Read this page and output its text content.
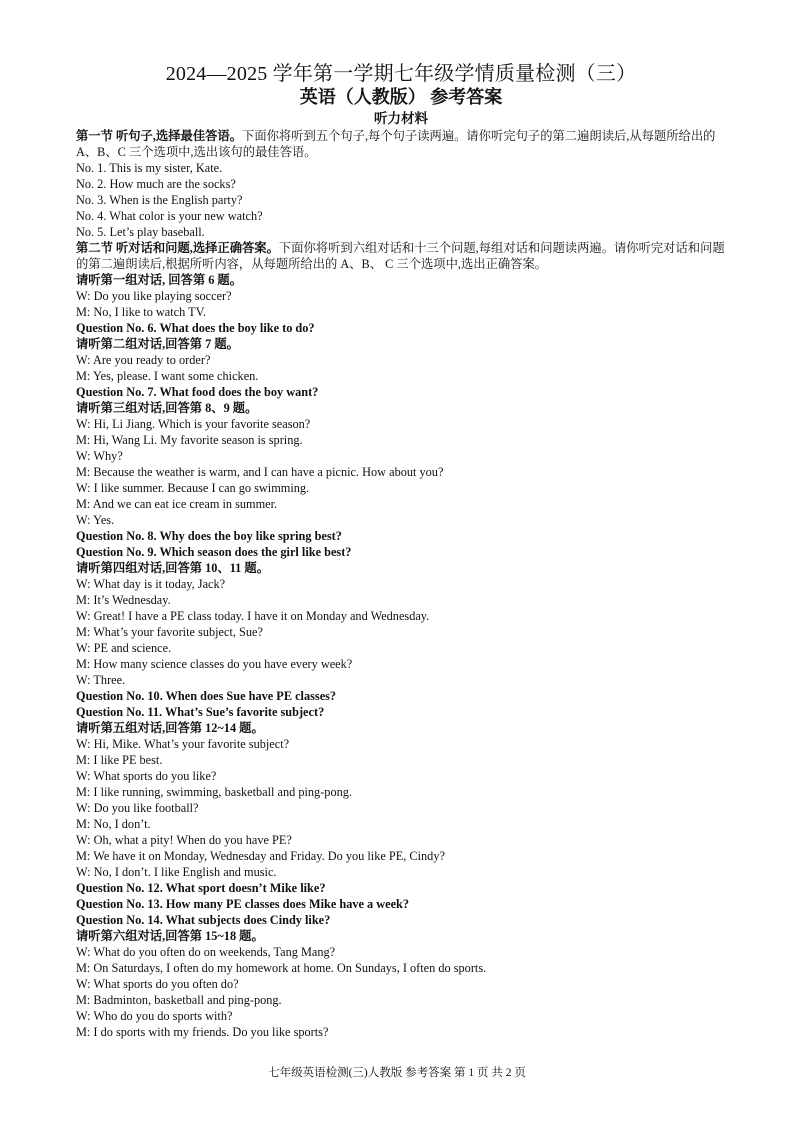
2024—2025 学年第一学期七年级学情质量检测（三）
英语（人教版） 参考答案
听力材料

第一节 听句子,选择最佳答语。下面你将听到五个句子,每个句子读两遍。请你听完句子的第二遍朗读后,从每题所给出的 A、B、C 三个选项中,选出该句的最佳答语。

No. 1. This is my sister, Kate.

No. 2. How much are the socks?

No. 3. When is the English party?

No. 4. What color is your new watch?

No. 5. Let’s play baseball.

第二节 听对话和问题,选择正确答案。下面你将听到六组对话和十三个问题,每组对话和问题读两遍。请你听完对话和问题的第二遍朗读后,根据所听内容，从每题所给出的 A、B、 C 三个选项中,选出正确答案。

请听第一组对话, 回答第 6 题。

W: Do you like playing soccer?

M: No, I like to watch TV.

Question No. 6. What does the boy like to do?

请听第二组对话,回答第 7 题。

W: Are you ready to order?

M: Yes, please. I want some chicken.

Question No. 7. What food does the boy want?

请听第三组对话,回答第 8、9 题。

W: Hi, Li Jiang. Which is your favorite season?

M: Hi, Wang Li. My favorite season is spring.

W: Why?

M: Because the weather is warm, and I can have a picnic. How about you?

W: I like summer. Because I can go swimming.

M: And we can eat ice cream in summer.

W: Yes.

Question No. 8. Why does the boy like spring best?

Question No. 9. Which season does the girl like best?

请听第四组对话,回答第 10、11 题。

W: What day is it today, Jack?

M: It’s Wednesday.

W: Great! I have a PE class today. I have it on Monday and Wednesday.

M: What’s your favorite subject, Sue?

W: PE and science.

M: How many science classes do you have every week?

W: Three.

Question No. 10. When does Sue have PE classes?

Question No. 11. What’s Sue’s favorite subject?

请听第五组对话,回答第 12~14 题。

W: Hi, Mike. What’s your favorite subject?

M: I like PE best.

W: What sports do you like?

M: I like running, swimming, basketball and ping-pong.

W: Do you like football?

M: No, I don’t.

W: Oh, what a pity! When do you have PE?

M: We have it on Monday, Wednesday and Friday. Do you like PE, Cindy?

W: No, I don’t. I like English and music.

Question No. 12. What sport doesn’t Mike like?

Question No. 13. How many PE classes does Mike have a week?

Question No. 14. What subjects does Cindy like?

请听第六组对话,回答第 15~18 题。

W: What do you often do on weekends, Tang Mang?

M: On Saturdays, I often do my homework at home. On Sundays, I often do sports.

W: What sports do you often do?

M: Badminton, basketball and ping-pong.

W: Who do you do sports with?

M: I do sports with my friends. Do you like sports?

七年级英语检测(三)人教版 参考答案 第 1 页 共 2 页
